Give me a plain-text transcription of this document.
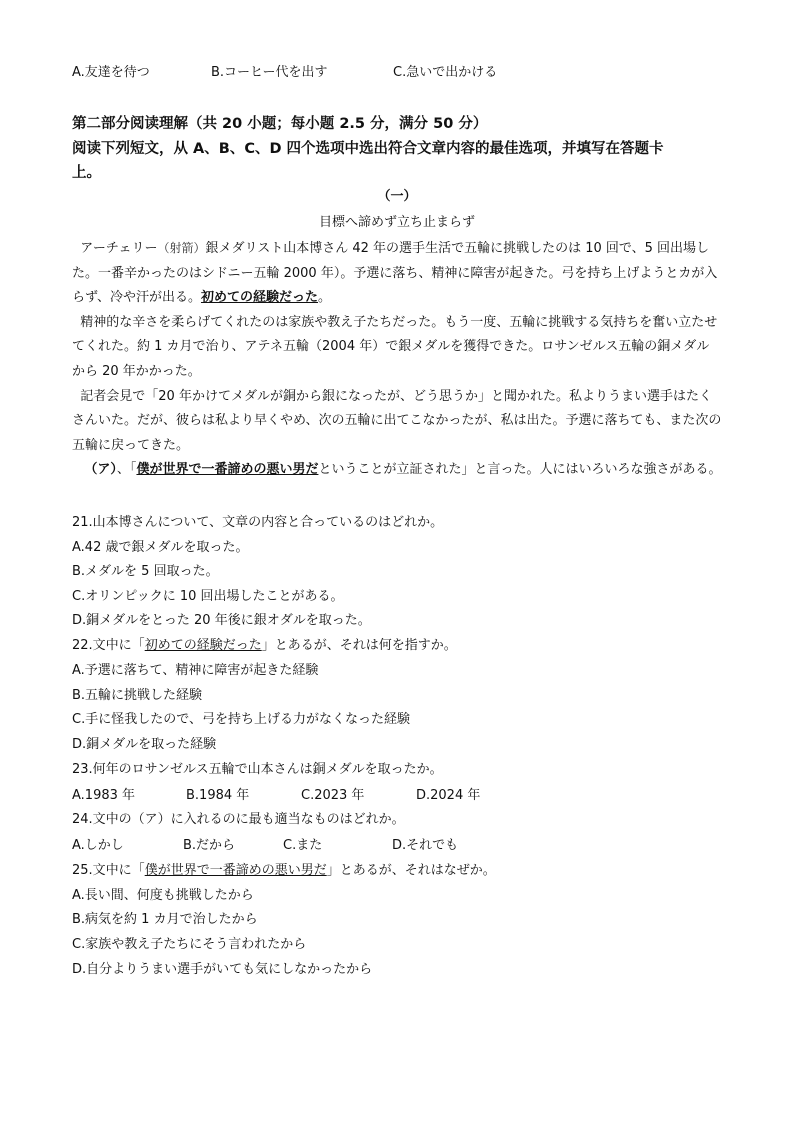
A.友達を待つ	B.コーヒー代を出す	C.急いで出かける
第二部分阅读理解（共 20 小题；每小题 2.5 分，满分 50 分）
阅读下列短文，从 A、B、C、D 四个选项中选出符合文章内容的最佳选项，并填写在答题卡
上。
（一）
目標へ諦めず立ち止まらず

アーチェリー（射箭）銀メダリスト山本博さん 42 年の選手生活で五輪に挑戦したのは 10 回で、5 回出場した。一番辛かったのはシドニー五輪 2000 年）。予選に落ち、精神に障害が起きた。弓を持ち上げようとカが入らず、冷や汗が出る。初めての経験だった。

精神的な辛さを柔らげてくれたのは家族や教え子たちだった。もう一度、五輪に挑戦する気持ちを奮い立たせてくれた。約 1 カ月で治り、アテネ五輪（2004 年）で銀メダルを獲得できた。ロサンゼルス五輪の銅メダルから 20 年かかった。

記者会見で「20 年かけてメダルが銅から銀になったが、どう思うか」と聞かれた。私よりうまい選手はたくさんいた。だが、彼らは私より早くやめ、次の五輪に出てこなかったが、私は出た。予選に落ちても、また次の五輪に戻ってきた。

（ア）、「僕が世界で一番諦めの悪い男だということが立証された」と言った。人にはいろいろな強さがある。

21.山本博さんについて、文章の内容と合っているのはどれか。
A.42 歳で銀メダルを取った。
B.メダルを 5 回取った。
C.オリンピックに 10 回出場したことがある。
D.銅メダルをとった 20 年後に銀オダルを取った。
22.文中に「初めての経験だった」とあるが、それは何を指すか。
A.予選に落ちて、精神に障害が起きた経験
B.五輪に挑戦した経験
C.手に怪我したので、弓を持ち上げる力がなくなった経験
D.銅メダルを取った経験
23.何年のロサンゼルス五輪で山本さんは銅メダルを取ったか。
A.1983 年	B.1984 年	C.2023 年	D.2024 年
24.文中の（ア）に入れるのに最も適当なものはどれか。
A.しかし	B.だから	C.また	D.それでも
25.文中に「僕が世界で一番諦めの悪い男だ」とあるが、それはなぜか。
A.長い間、何度も挑戦したから
B.病気を約 1 カ月で治したから
C.家族や教え子たちにそう言われたから
D.自分よりうまい選手がいても気にしなかったから
